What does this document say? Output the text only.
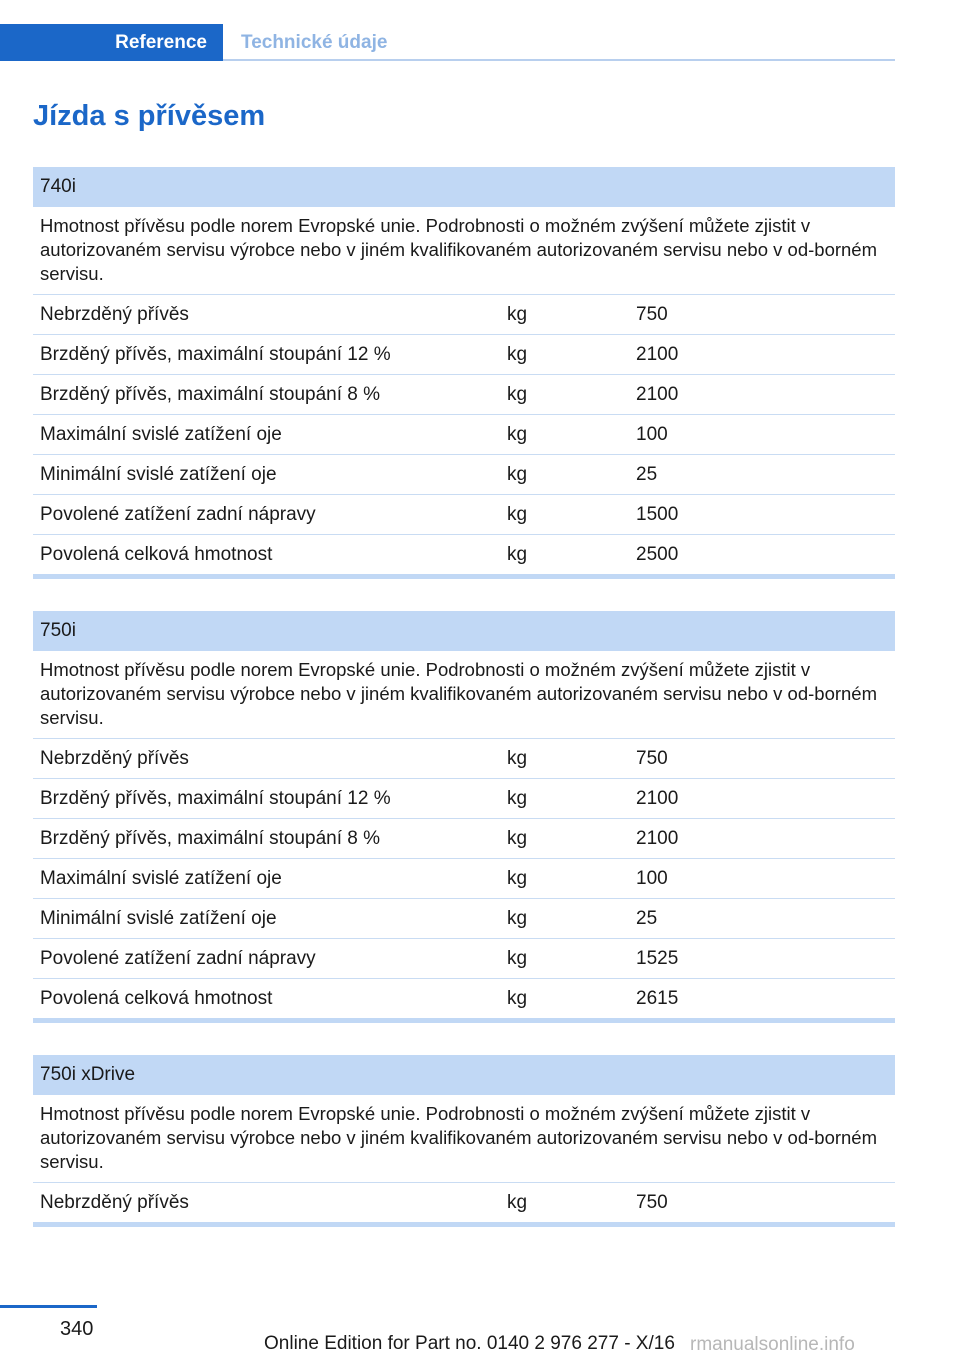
Reference	Technické údaje
Jízda s přívěsem
740i
Hmotnost přívěsu podle norem Evropské unie. Podrobnosti o možném zvýšení můžete zjistit v autorizovaném servisu výrobce nebo v jiném kvalifikovaném autorizovaném servisu nebo v od-borném servisu.
Nebrzděný přívěs	kg	750
Brzděný přívěs, maximální stoupání 12 %	kg	2100
Brzděný přívěs, maximální stoupání 8 %	kg	2100
Maximální svislé zatížení oje	kg	100
Minimální svislé zatížení oje	kg	25
Povolené zatížení zadní nápravy	kg	1500
Povolená celková hmotnost	kg	2500
750i
Hmotnost přívěsu podle norem Evropské unie. Podrobnosti o možném zvýšení můžete zjistit v autorizovaném servisu výrobce nebo v jiném kvalifikovaném autorizovaném servisu nebo v od-borném servisu.
Nebrzděný přívěs	kg	750
Brzděný přívěs, maximální stoupání 12 %	kg	2100
Brzděný přívěs, maximální stoupání 8 %	kg	2100
Maximální svislé zatížení oje	kg	100
Minimální svislé zatížení oje	kg	25
Povolené zatížení zadní nápravy	kg	1525
Povolená celková hmotnost	kg	2615
750i xDrive
Hmotnost přívěsu podle norem Evropské unie. Podrobnosti o možném zvýšení můžete zjistit v autorizovaném servisu výrobce nebo v jiném kvalifikovaném autorizovaném servisu nebo v od-borném servisu.
Nebrzděný přívěs	kg	750
340
Online Edition for Part no. 0140 2 976 277 - X/16 rmanualsonline.info
